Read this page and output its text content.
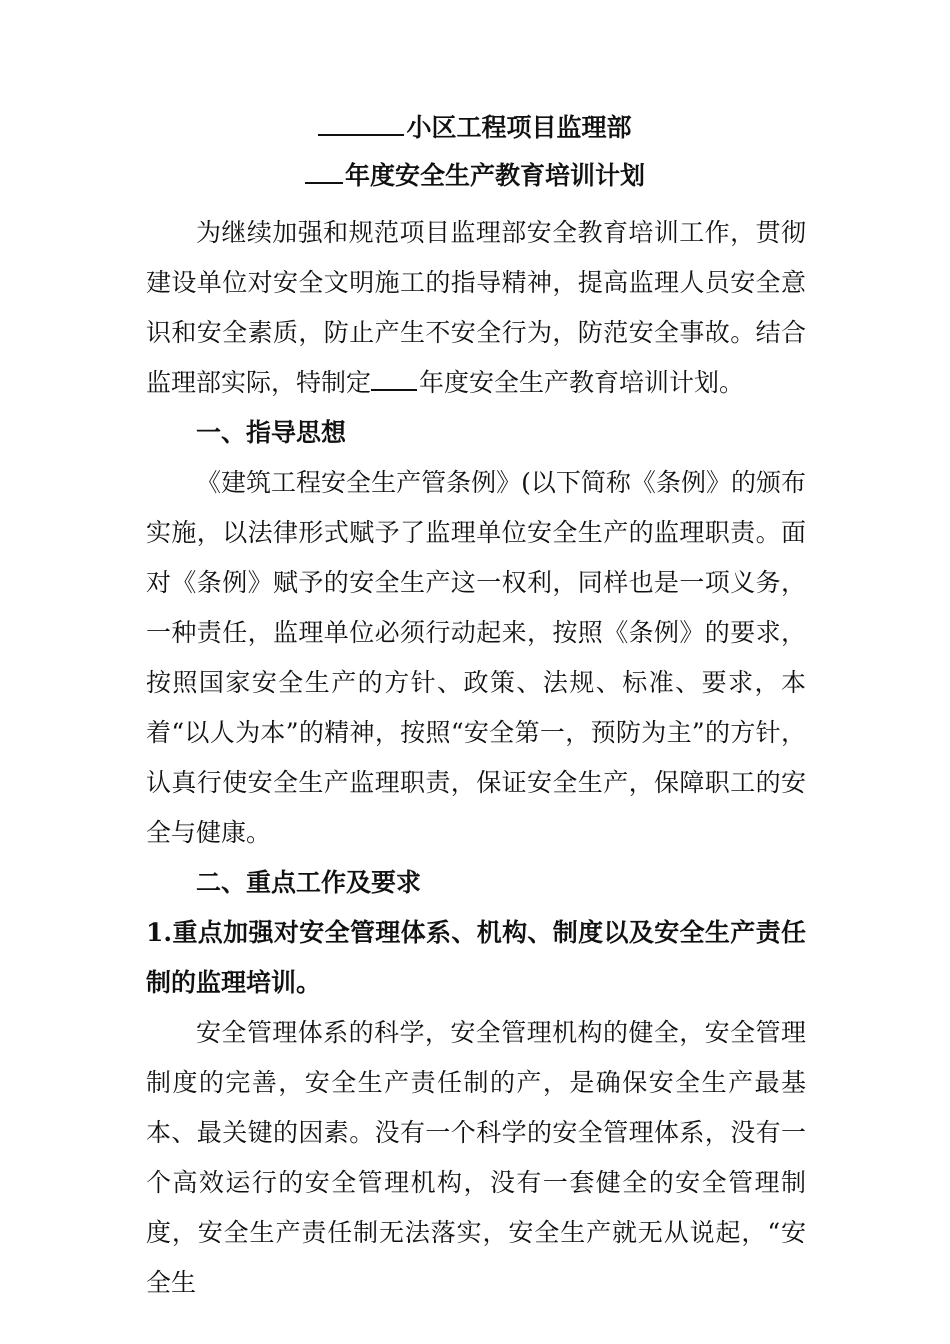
小区工程项目监理部
年度安全生产教育培训计划

为继续加强和规范项目监理部安全教育培训工作，贯彻建设单位对安全文明施工的指导精神，提高监理人员安全意识和安全素质，防止产生不安全行为，防范安全事故。结合监理部实际，特制定 年度安全生产教育培训计划。

一、指导思想

《建筑工程安全生产管条例》(以下简称《条例》的颁布实施，以法律形式赋予了监理单位安全生产的监理职责。面对《条例》赋予的安全生产这一权利，同样也是一项义务，一种责任，监理单位必须行动起来，按照《条例》的要求，按照国家安全生产的方针、政策、法规、标准、要求，本着“以人为本”的精神，按照“安全第一，预防为主”的方针，认真行使安全生产监理职责，保证安全生产，保障职工的安全与健康。

二、重点工作及要求

1.重点加强对安全管理体系、机构、制度以及安全生产责任制的监理培训。

安全管理体系的科学，安全管理机构的健全，安全管理制度的完善，安全生产责任制的产，是确保安全生产最基本、最关键的因素。没有一个科学的安全管理体系，没有一个高效运行的安全管理机构，没有一套健全的安全管理制度，安全生产责任制无法落实，安全生产就无从说起，“安全生
